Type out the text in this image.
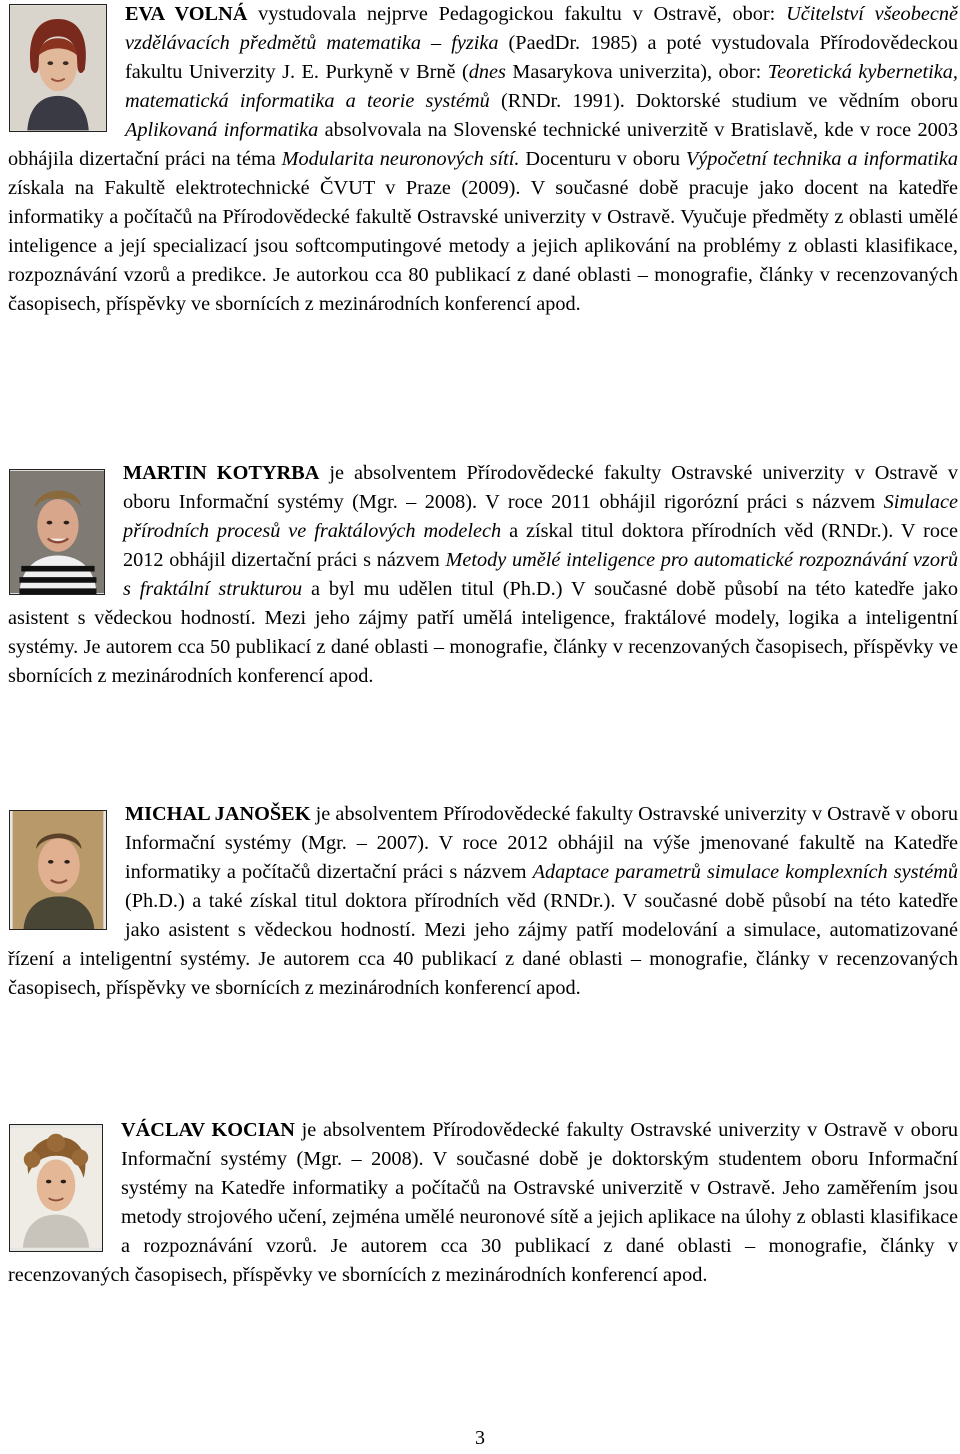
EVA VOLNÁ vystudovala nejprve Pedagogickou fakultu v Ostravě, obor: Učitelství všeobecně vzdělávacích předmětů matematika – fyzika (PaedDr. 1985) a poté vystudovala Přírodovědeckou fakultu Univerzity J. E. Purkyně v Brně (dnes Masarykova univerzita), obor: Teoretická kybernetika, matematická informatika a teorie systémů (RNDr. 1991). Doktorské studium ve vědním oboru Aplikovaná informatika absolvovala na Slovenské technické univerzitě v Bratislavě, kde v roce 2003 obhájila dizertační práci na téma Modularita neuronových sítí. Docenturu v oboru Výpočetní technika a informatika získala na Fakultě elektrotechnické ČVUT v Praze (2009). V současné době pracuje jako docent na katedře informatiky a počítačů na Přírodovědecké fakultě Ostravské univerzity v Ostravě. Vyučuje předměty z oblasti umělé inteligence a její specializací jsou softcomputingové metody a jejich aplikování na problémy z oblasti klasifikace, rozpoznávání vzorů a predikce. Je autorkou cca 80 publikací z dané oblasti – monografie, články v recenzovaných časopisech, příspěvky ve sbornících z mezinárodních konferencí apod.
MARTIN KOTYRBA je absolventem Přírodovědecké fakulty Ostravské univerzity v Ostravě v oboru Informační systémy (Mgr. – 2008). V roce 2011 obhájil rigorózní práci s názvem Simulace přírodních procesů ve fraktálových modelech a získal titul doktora přírodních věd (RNDr.). V roce 2012 obhájil dizertační práci s názvem Metody umělé inteligence pro automatické rozpoznávání vzorů s fraktální strukturou a byl mu udělen titul (Ph.D.) V současné době působí na této katedře jako asistent s vědeckou hodností. Mezi jeho zájmy patří umělá inteligence, fraktálové modely, logika a inteligentní systémy. Je autorem cca 50 publikací z dané oblasti – monografie, články v recenzovaných časopisech, příspěvky ve sbornících z mezinárodních konferencí apod.
MICHAL JANOŠEK je absolventem Přírodovědecké fakulty Ostravské univerzity v Ostravě v oboru Informační systémy (Mgr. – 2007). V roce 2012 obhájil na výše jmenované fakultě na Katedře informatiky a počítačů dizertační práci s názvem Adaptace parametrů simulace komplexních systémů (Ph.D.) a také získal titul doktora přírodních věd (RNDr.). V současné době působí na této katedře jako asistent s vědeckou hodností. Mezi jeho zájmy patří modelování a simulace, automatizované řízení a inteligentní systémy. Je autorem cca 40 publikací z dané oblasti – monografie, články v recenzovaných časopisech, příspěvky ve sbornících z mezinárodních konferencí apod.
VÁCLAV KOCIAN je absolventem Přírodovědecké fakulty Ostravské univerzity v Ostravě v oboru Informační systémy (Mgr. – 2008). V současné době je doktorským studentem oboru Informační systémy na Katedře informatiky a počítačů na Ostravské univerzitě v Ostravě. Jeho zaměřením jsou metody strojového učení, zejména umělé neuronové sítě a jejich aplikace na úlohy z oblasti klasifikace a rozpoznávání vzorů. Je autorem cca 30 publikací z dané oblasti – monografie, články v recenzovaných časopisech, příspěvky ve sbornících z mezinárodních konferencí apod.
3
